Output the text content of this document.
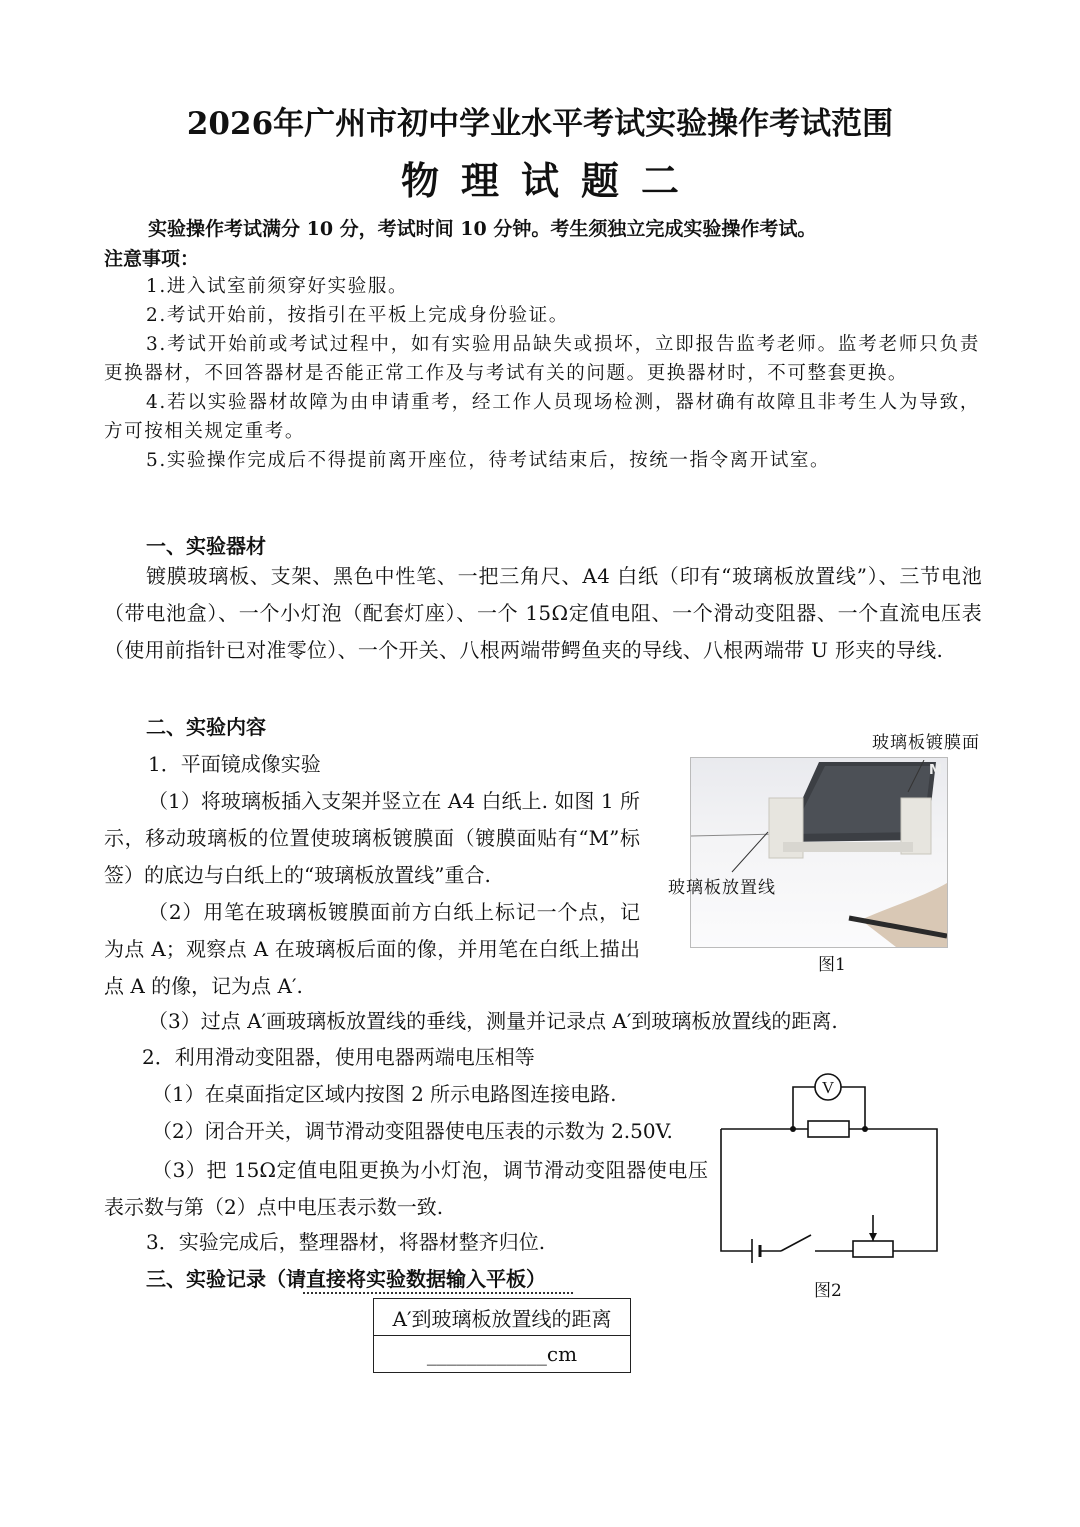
2026年广州市初中学业水平考试实验操作考试范围
物理试题二
实验操作考试满分 10 分，考试时间 10 分钟。考生须独立完成实验操作考试。
注意事项：
1.进入试室前须穿好实验服。
2.考试开始前，按指引在平板上完成身份验证。
3.考试开始前或考试过程中，如有实验用品缺失或损坏，立即报告监考老师。监考老师只负责更换器材，不回答器材是否能正常工作及与考试有关的问题。更换器材时，不可整套更换。
4.若以实验器材故障为由申请重考，经工作人员现场检测，器材确有故障且非考生人为导致，方可按相关规定重考。
5.实验操作完成后不得提前离开座位，待考试结束后，按统一指令离开试室。
一、实验器材
镀膜玻璃板、支架、黑色中性笔、一把三角尺、A4 白纸（印有“玻璃板放置线”）、三节电池（带电池盒）、一个小灯泡（配套灯座）、一个 15Ω定值电阻、一个滑动变阻器、一个直流电压表（使用前指针已对准零位）、一个开关、八根两端带鳄鱼夹的导线、八根两端带 U 形夹的导线.
二、实验内容
1．平面镜成像实验
（1）将玻璃板插入支架并竖立在 A4 白纸上. 如图 1 所示，移动玻璃板的位置使玻璃板镀膜面（镀膜面贴有“M”标签）的底边与白纸上的“玻璃板放置线”重合.
（2）用笔在玻璃板镀膜面前方白纸上标记一个点，记为点 A；观察点 A 在玻璃板后面的像，并用笔在白纸上描出点 A 的像，记为点 A′.
（3）过点 A′画玻璃板放置线的垂线，测量并记录点 A′到玻璃板放置线的距离.
2．利用滑动变阻器，使用电器两端电压相等
（1）在桌面指定区域内按图 2 所示电路图连接电路.
（2）闭合开关，调节滑动变阻器使电压表的示数为 2.50V.
（3）把 15Ω定值电阻更换为小灯泡，调节滑动变阻器使电压表示数与第（2）点中电压表示数一致.
3．实验完成后，整理器材，将器材整齐归位.
玻璃板镀膜面
M
玻璃板放置线
图1
V
图2
三、实验记录（请直接将实验数据输入平板）
A′到玻璃板放置线的距离
____________cm
